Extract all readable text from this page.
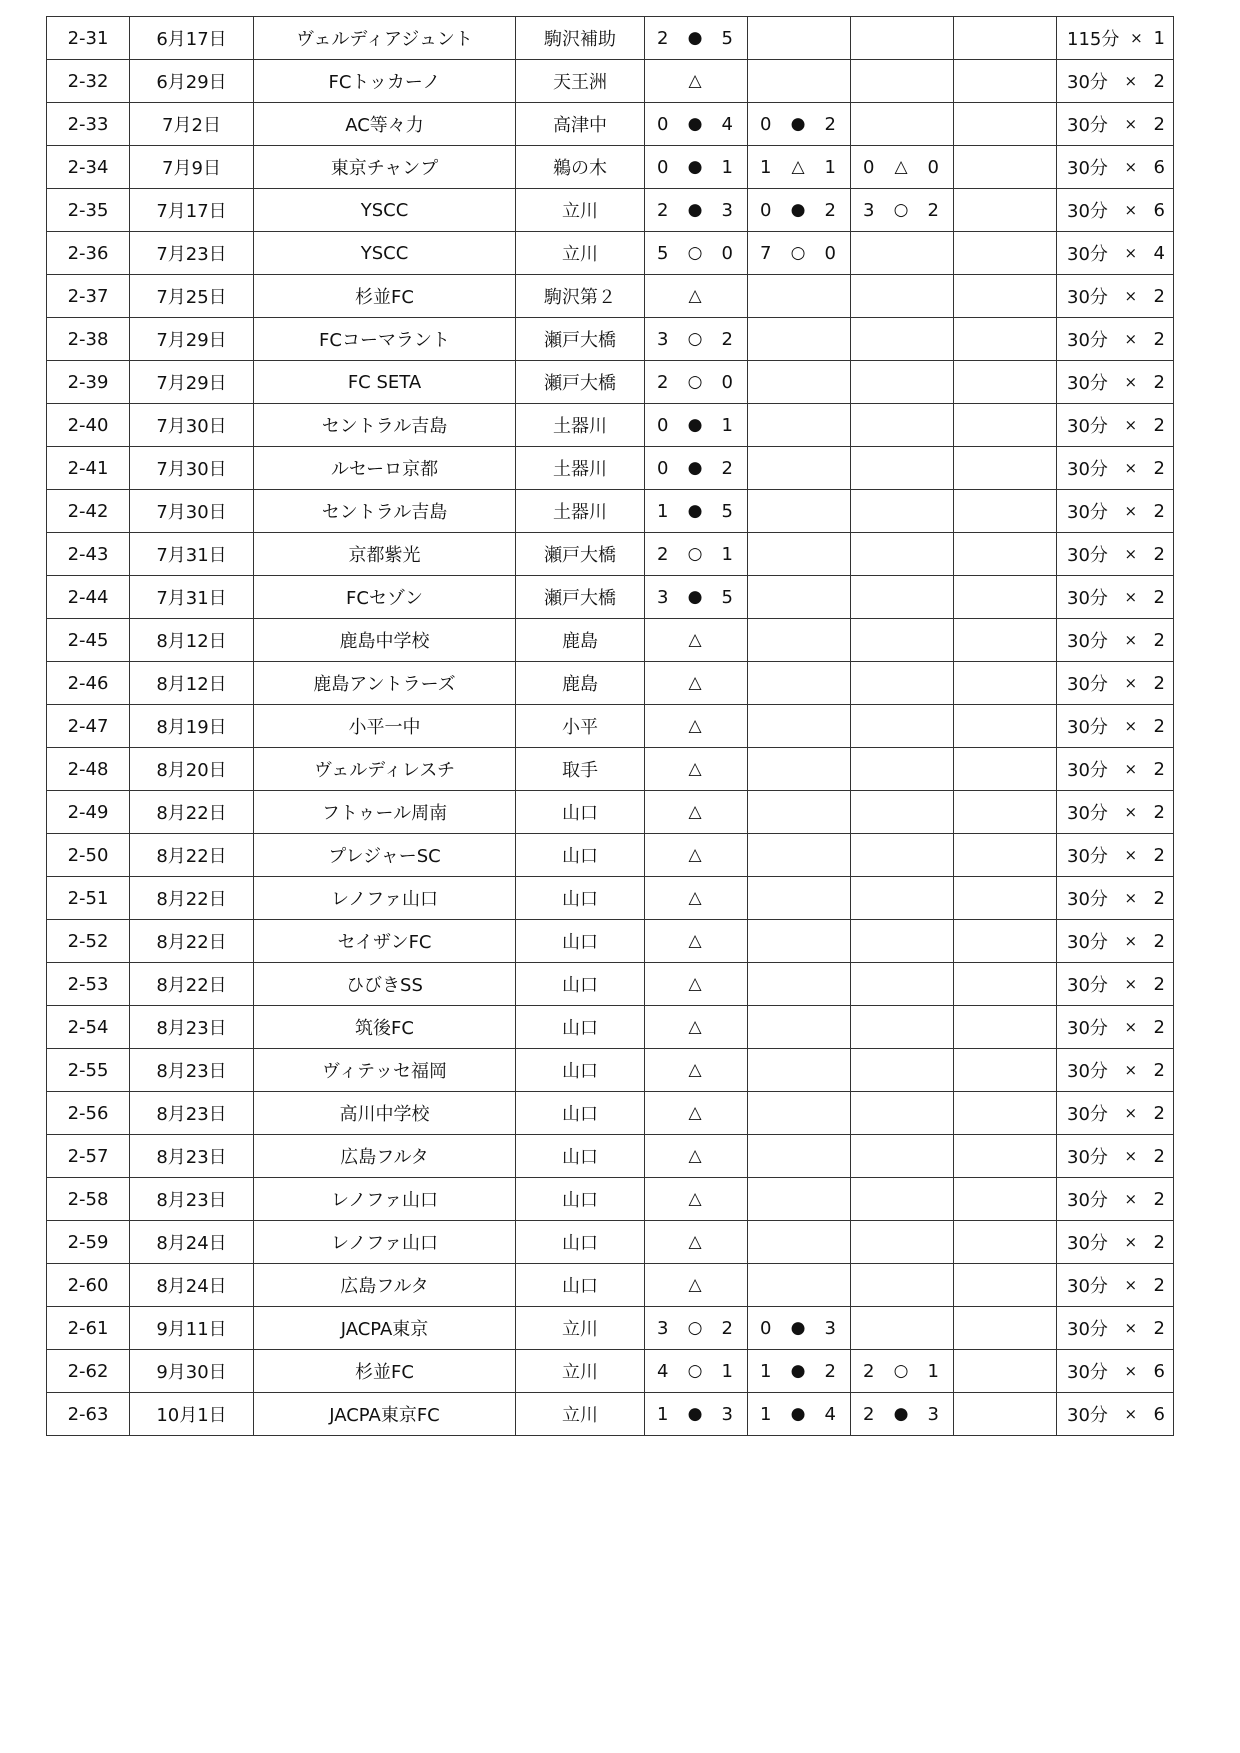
2-31	6月17日	ヴェルディアジュント	駒沢補助	2 ● 5				115分 × 1

2-32	6月29日	FCトッカーノ	天王洲	△				30分 × 2

2-33	7月2日	AC等々力	高津中	0 ● 4	0 ● 2			30分 × 2

2-34	7月9日	東京チャンプ	鵜の木	0 ● 1	1 △ 1	0 △ 0		30分 × 6

2-35	7月17日	YSCC	立川	2 ● 3	0 ● 2	3 ○ 2		30分 × 6

2-36	7月23日	YSCC	立川	5 ○ 0	7 ○ 0			30分 × 4

2-37	7月25日	杉並FC	駒沢第２	△				30分 × 2

2-38	7月29日	FCコーマラント	瀬戸大橋	3 ○ 2				30分 × 2

2-39	7月29日	FC SETA	瀬戸大橋	2 ○ 0				30分 × 2

2-40	7月30日	セントラル吉島	土器川	0 ● 1				30分 × 2

2-41	7月30日	ルセーロ京都	土器川	0 ● 2				30分 × 2

2-42	7月30日	セントラル吉島	土器川	1 ● 5				30分 × 2

2-43	7月31日	京都紫光	瀬戸大橋	2 ○ 1				30分 × 2

2-44	7月31日	FCセゾン	瀬戸大橋	3 ● 5				30分 × 2

2-45	8月12日	鹿島中学校	鹿島	△				30分 × 2

2-46	8月12日	鹿島アントラーズ	鹿島	△				30分 × 2

2-47	8月19日	小平一中	小平	△				30分 × 2

2-48	8月20日	ヴェルディレスチ	取手	△				30分 × 2

2-49	8月22日	フトゥール周南	山口	△				30分 × 2

2-50	8月22日	プレジャーSC	山口	△				30分 × 2

2-51	8月22日	レノファ山口	山口	△				30分 × 2

2-52	8月22日	セイザンFC	山口	△				30分 × 2

2-53	8月22日	ひびきSS	山口	△				30分 × 2

2-54	8月23日	筑後FC	山口	△				30分 × 2

2-55	8月23日	ヴィテッセ福岡	山口	△				30分 × 2

2-56	8月23日	高川中学校	山口	△				30分 × 2

2-57	8月23日	広島フルタ	山口	△				30分 × 2

2-58	8月23日	レノファ山口	山口	△				30分 × 2

2-59	8月24日	レノファ山口	山口	△				30分 × 2

2-60	8月24日	広島フルタ	山口	△				30分 × 2

2-61	9月11日	JACPA東京	立川	3 ○ 2	0 ● 3			30分 × 2

2-62	9月30日	杉並FC	立川	4 ○ 1	1 ● 2	2 ○ 1		30分 × 6

2-63	10月1日	JACPA東京FC	立川	1 ● 3	1 ● 4	2 ● 3		30分 × 6
